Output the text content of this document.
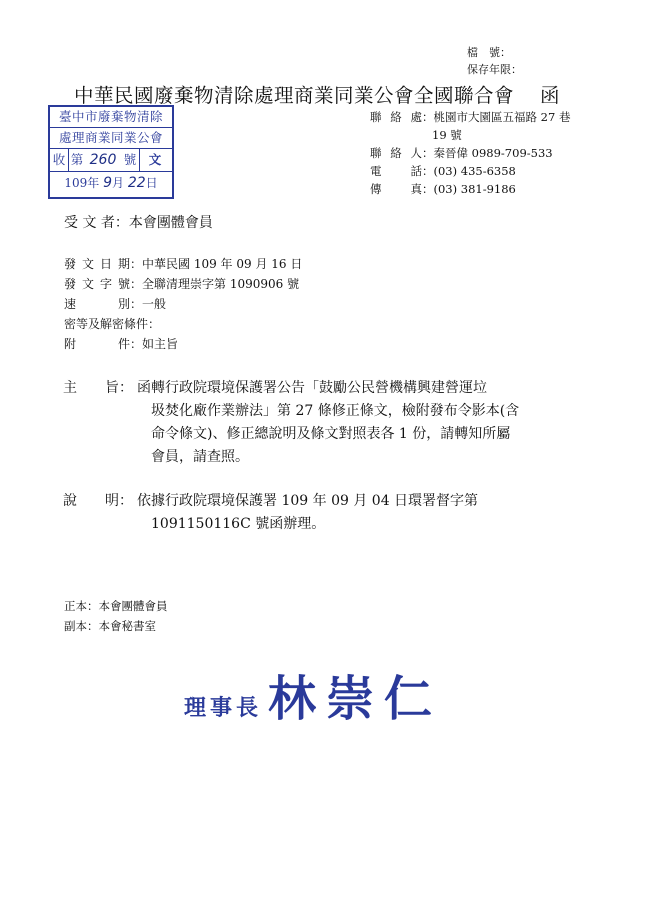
檔　號：
保存年限：
中華民國廢棄物清除處理商業同業公會全國聯合會 函
聯 絡 處：桃園市大園區五福路 27 巷
19 號
聯 絡 人：秦晉偉 0989-709-533
電　　話：(03) 435-6358
傳　　真：(03) 381-9186
臺中市廢棄物清除
處理商業同業公會
收 第 260 號 文
109年 9月 22日
受 文 者：本會團體會員
發文日期：中華民國 109 年 09 月 16 日
發文字號：全聯清理崇字第 1090906 號
速　　別：一般
密等及解密條件：
附　　件：如主旨
主　　旨： 函轉行政院環境保護署公告「鼓勵公民營機構興建營運垃
圾焚化廠作業辦法」第 27 條修正條文，檢附發布令影本(含
命令條文)、修正總說明及條文對照表各 1 份，請轉知所屬
會員，請查照。
說　　明： 依據行政院環境保護署 109 年 09 月 04 日環署督字第
1091150116C 號函辦理。
正本：本會團體會員
副本：本會秘書室
理事長 林崇仁
